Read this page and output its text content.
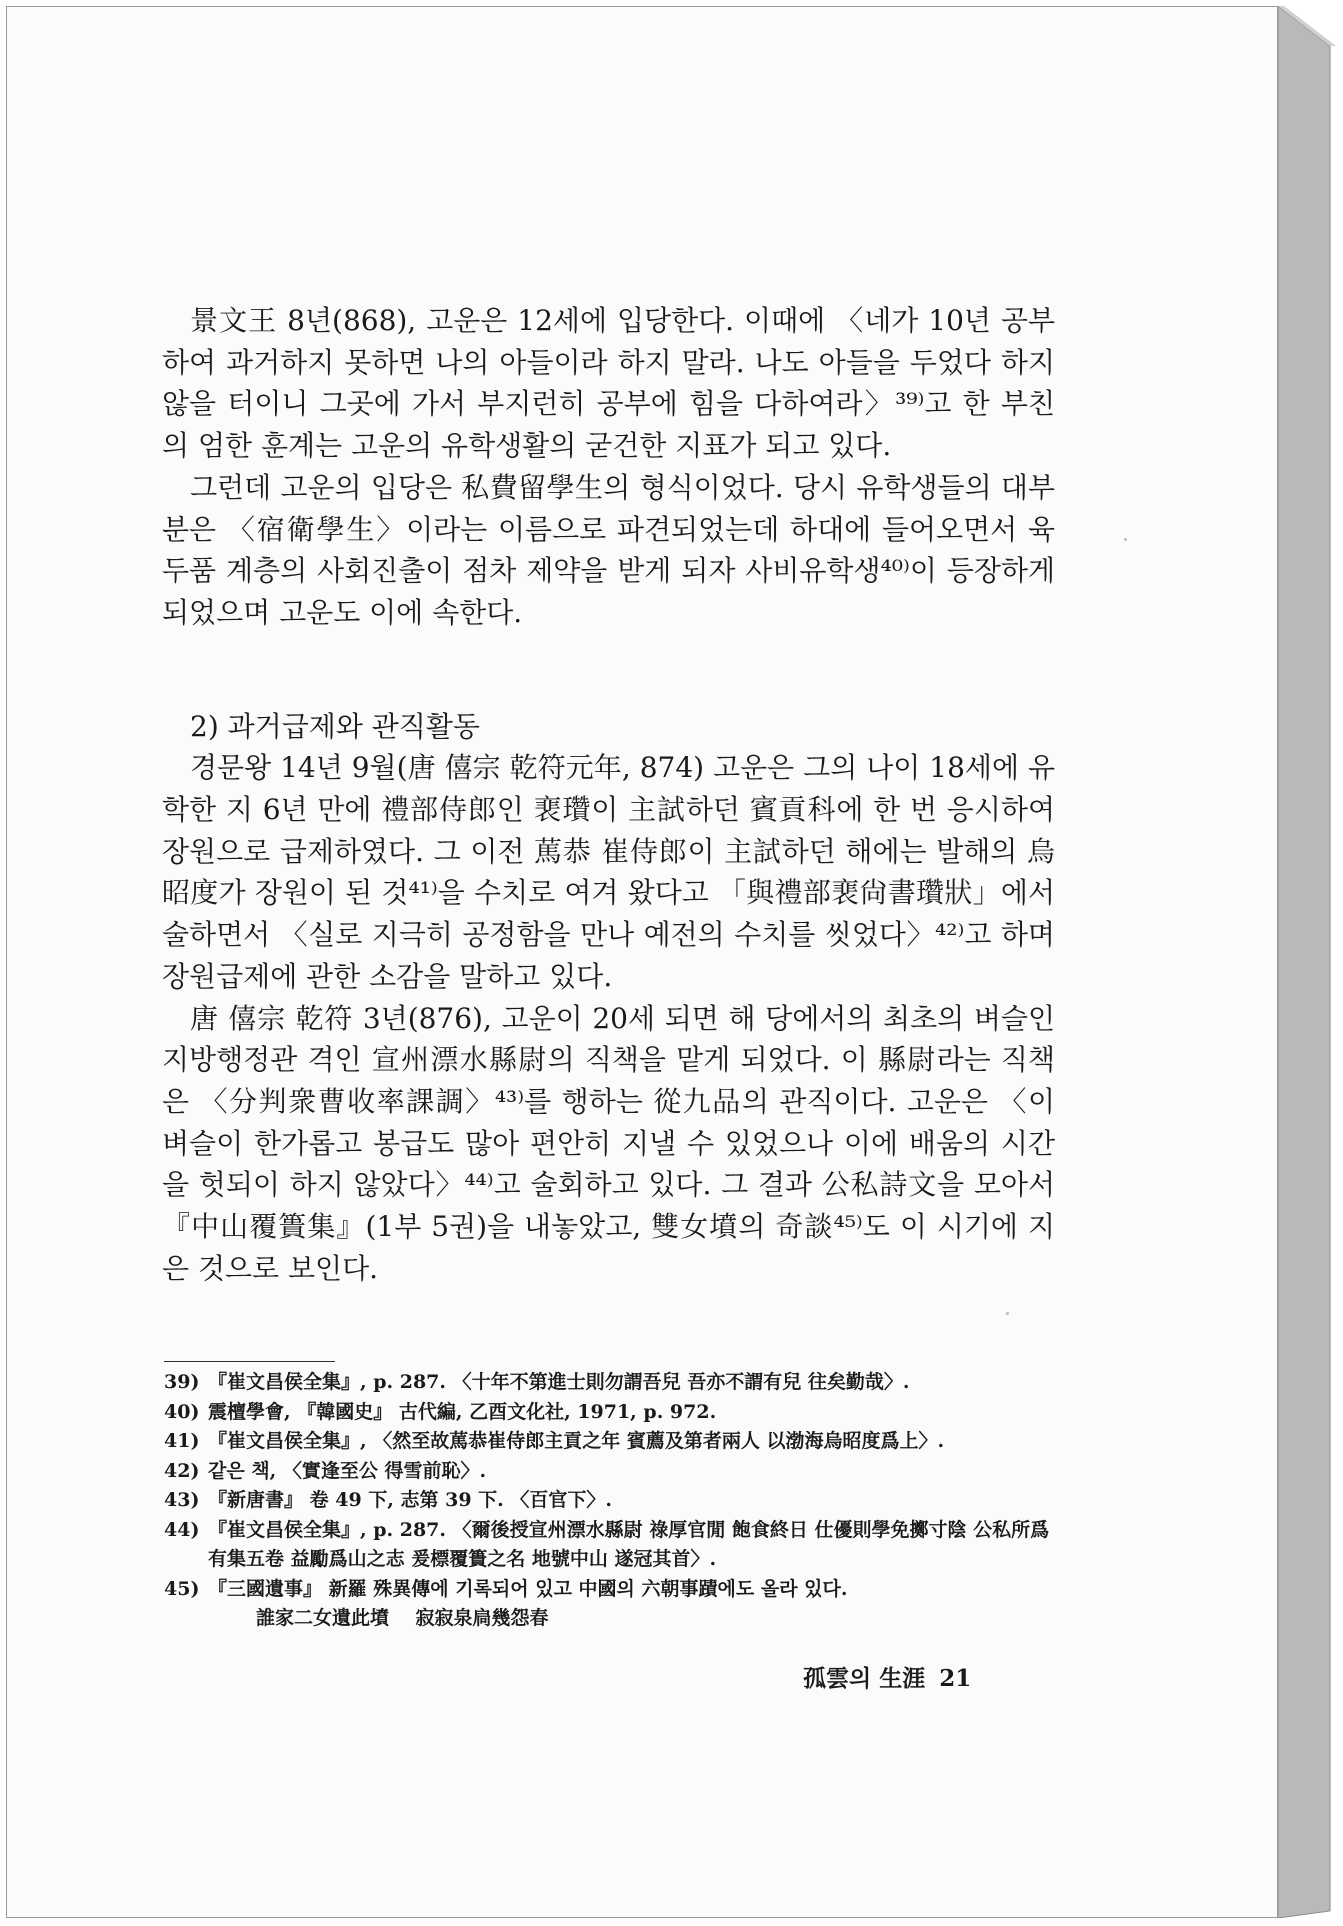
景文王 8년(868), 고운은 12세에 입당한다. 이때에 〈네가 10년 공부하여 과거하지 못하면 나의 아들이라 하지 말라. 나도 아들을 두었다 하지 않을 터이니 그곳에 가서 부지런히 공부에 힘을 다하여라〉³⁹⁾고 한 부친의 엄한 훈계는 고운의 유학생활의 굳건한 지표가 되고 있다.

그런데 고운의 입당은 私費留學生의 형식이었다. 당시 유학생들의 대부분은 〈宿衛學生〉이라는 이름으로 파견되었는데 하대에 들어오면서 육두품 계층의 사회진출이 점차 제약을 받게 되자 사비유학생⁴⁰⁾이 등장하게 되었으며 고운도 이에 속한다.

2) 과거급제와 관직활동

경문왕 14년 9월(唐 僖宗 乾符元年, 874) 고운은 그의 나이 18세에 유학한 지 6년 만에 禮部侍郎인 裵瓚이 主試하던 賓貢科에 한 번 응시하여 장원으로 급제하였다. 그 이전 䔍恭 崔侍郎이 主試하던 해에는 발해의 烏昭度가 장원이 된 것⁴¹⁾을 수치로 여겨 왔다고 「與禮部裵尙書瓚狀」에서 술하면서 〈실로 지극히 공정함을 만나 예전의 수치를 씻었다〉⁴²⁾고 하며 장원급제에 관한 소감을 말하고 있다.

唐 僖宗 乾符 3년(876), 고운이 20세 되면 해 당에서의 최초의 벼슬인 지방행정관 격인 宣州漂水縣尉의 직책을 맡게 되었다. 이 縣尉라는 직책은 〈分判衆曹收率課調〉⁴³⁾를 행하는 從九品의 관직이다. 고운은 〈이 벼슬이 한가롭고 봉급도 많아 편안히 지낼 수 있었으나 이에 배움의 시간을 헛되이 하지 않았다〉⁴⁴⁾고 술회하고 있다. 그 결과 公私詩文을 모아서 『中山覆簣集』(1부 5권)을 내놓았고, 雙女墳의 奇談⁴⁵⁾도 이 시기에 지은 것으로 보인다.

39) 『崔文昌侯全集』, p. 287. 〈十年不第進士則勿謂吾兒 吾亦不謂有兒 往矣勤哉〉.
40) 震檀學會, 『韓國史』 古代編, 乙酉文化社, 1971, p. 972.
41) 『崔文昌侯全集』, 〈然至故䔍恭崔侍郎主貢之年 賓薦及第者兩人 以渤海烏昭度爲上〉.
42) 같은 책, 〈實逢至公 得雪前恥〉.
43) 『新唐書』 卷 49 下, 志第 39 下. 〈百官下〉.
44) 『崔文昌侯全集』, p. 287. 〈爾後授宣州漂水縣尉 祿厚官閒 飽食終日 仕優則學免擲寸陰 公私所爲 有集五卷 益勵爲山之志 爰標覆簣之名 地號中山 遂冠其首〉.
45) 『三國遺事』 新羅 殊異傳에 기록되어 있고 中國의 六朝事蹟에도 올라 있다.
誰家二女遺此墳    寂寂泉扃幾怨春
孤雲의 生涯 21
